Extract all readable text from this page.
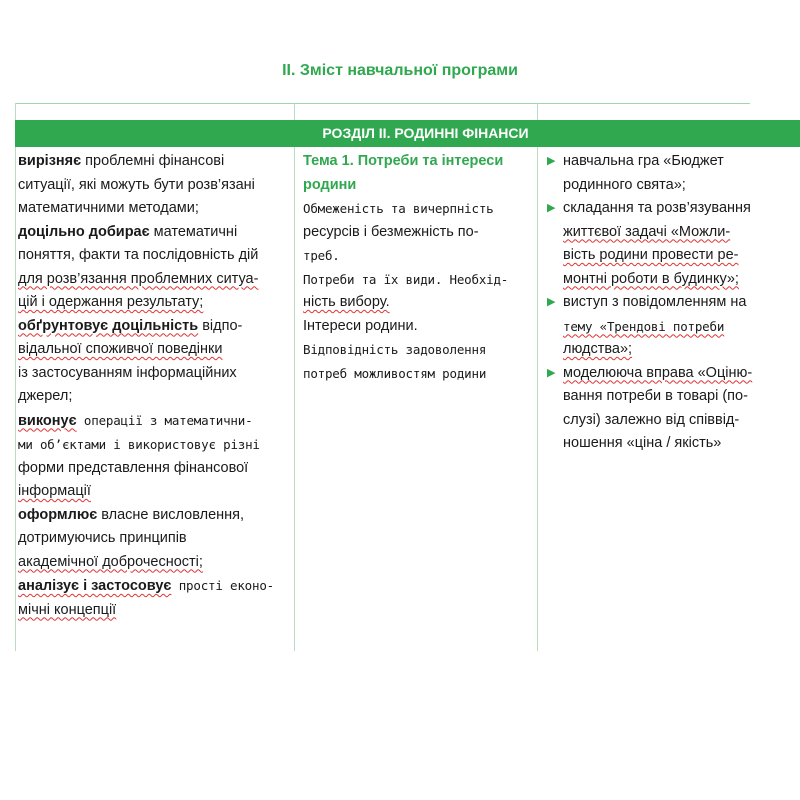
II. Зміст навчальної програми
РОЗДІЛ ІІ. РОДИННІ ФІНАНСИ

вирізняє проблемні фінансові

ситуації, які можуть бути розв’язані

математичними методами;

доцільно добирає математичні

поняття, факти та послідовність дій

для розв’язання проблемних ситуа-

цій і одержання результату;

обґрунтовує доцільність відпо-

відальної споживчої поведінки

із застосуванням інформаційних

джерел;

виконує операції з математични-

ми об’єктами і використовує різні

форми представлення фінансової

інформації

оформлює власне висловлення,

дотримуючись принципів

академічної доброчесності;

аналізує і застосовує прості еконо-

мічні концепції

Тема 1. Потреби та інтереси

родини

Обмеженість та вичерпність

ресурсів і безмежність по-

треб.

Потреби та їх види. Необхід-

ність вибору.

Інтереси родини.

Відповідність задоволення

потреб можливостям родини

▶ навчальна гра «Бюджет
родинного свята»;
▶ складання та розв’язування
життєвої задачі «Можли-
вість родини провести ре-
монтні роботи в будинку»;
▶ виступ з повідомленням на
тему «Трендові потреби
людства»;
▶ моделююча вправа «Оціню-
вання потреби в товарі (по-
слузі) залежно від співвід-
ношення «ціна / якість»
